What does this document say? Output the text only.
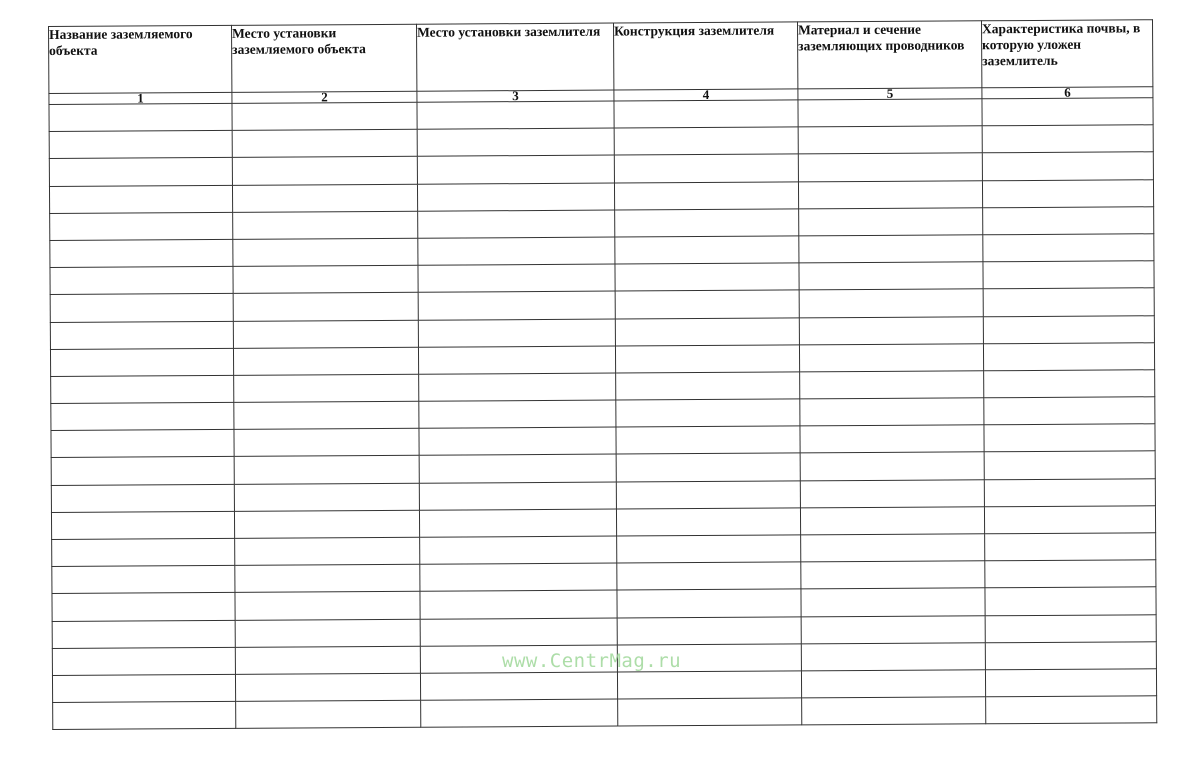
Название заземляемого объекта	Место установки заземляемого объекта	Место установки заземлителя	Конструкция заземлителя	Материал и сечение заземляющих проводников	Характеристика почвы, в которую уложен заземлитель
1	2	3	4	5	6

www.CentrMag.ru
